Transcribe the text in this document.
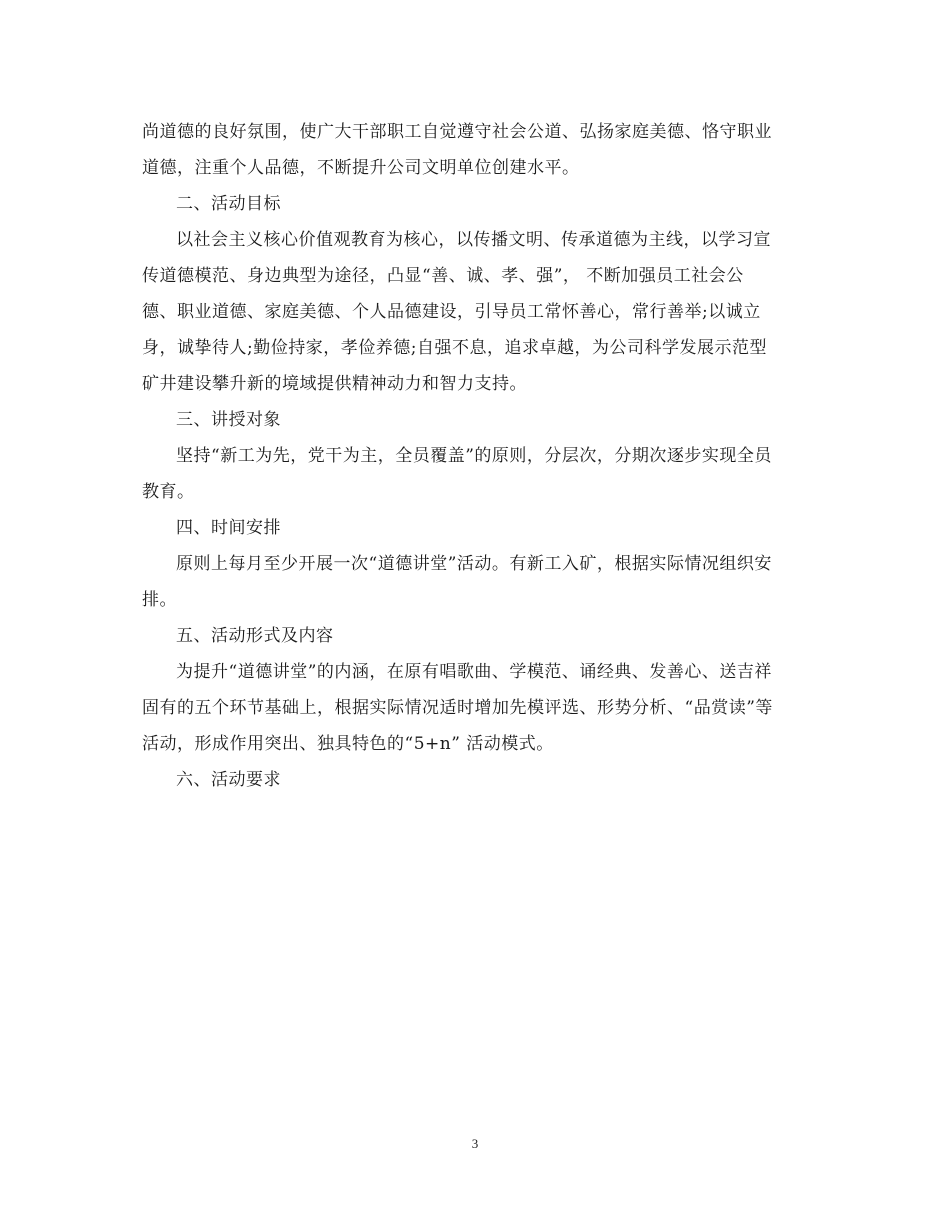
尚道德的良好氛围，使广大干部职工自觉遵守社会公道、弘扬家庭美德、恪守职业
道德，注重个人品德，不断提升公司文明单位创建水平。
二、活动目标
以社会主义核心价值观教育为核心，以传播文明、传承道德为主线，以学习宣
传道德模范、身边典型为途径，凸显“善、诚、孝、强”， 不断加强员工社会公
德、职业道德、家庭美德、个人品德建设，引导员工常怀善心，常行善举;以诚立
身，诚挚待人;勤俭持家，孝俭养德;自强不息，追求卓越，为公司科学发展示范型
矿井建设攀升新的境域提供精神动力和智力支持。
三、讲授对象
坚持“新工为先，党干为主，全员覆盖”的原则，分层次，分期次逐步实现全员
教育。
四、时间安排
原则上每月至少开展一次“道德讲堂”活动。有新工入矿，根据实际情况组织安
排。
五、活动形式及内容
为提升“道德讲堂”的内涵，在原有唱歌曲、学模范、诵经典、发善心、送吉祥
固有的五个环节基础上，根据实际情况适时增加先模评选、形势分析、“品赏读”等
活动，形成作用突出、独具特色的“5+n” 活动模式。
六、活动要求
3
